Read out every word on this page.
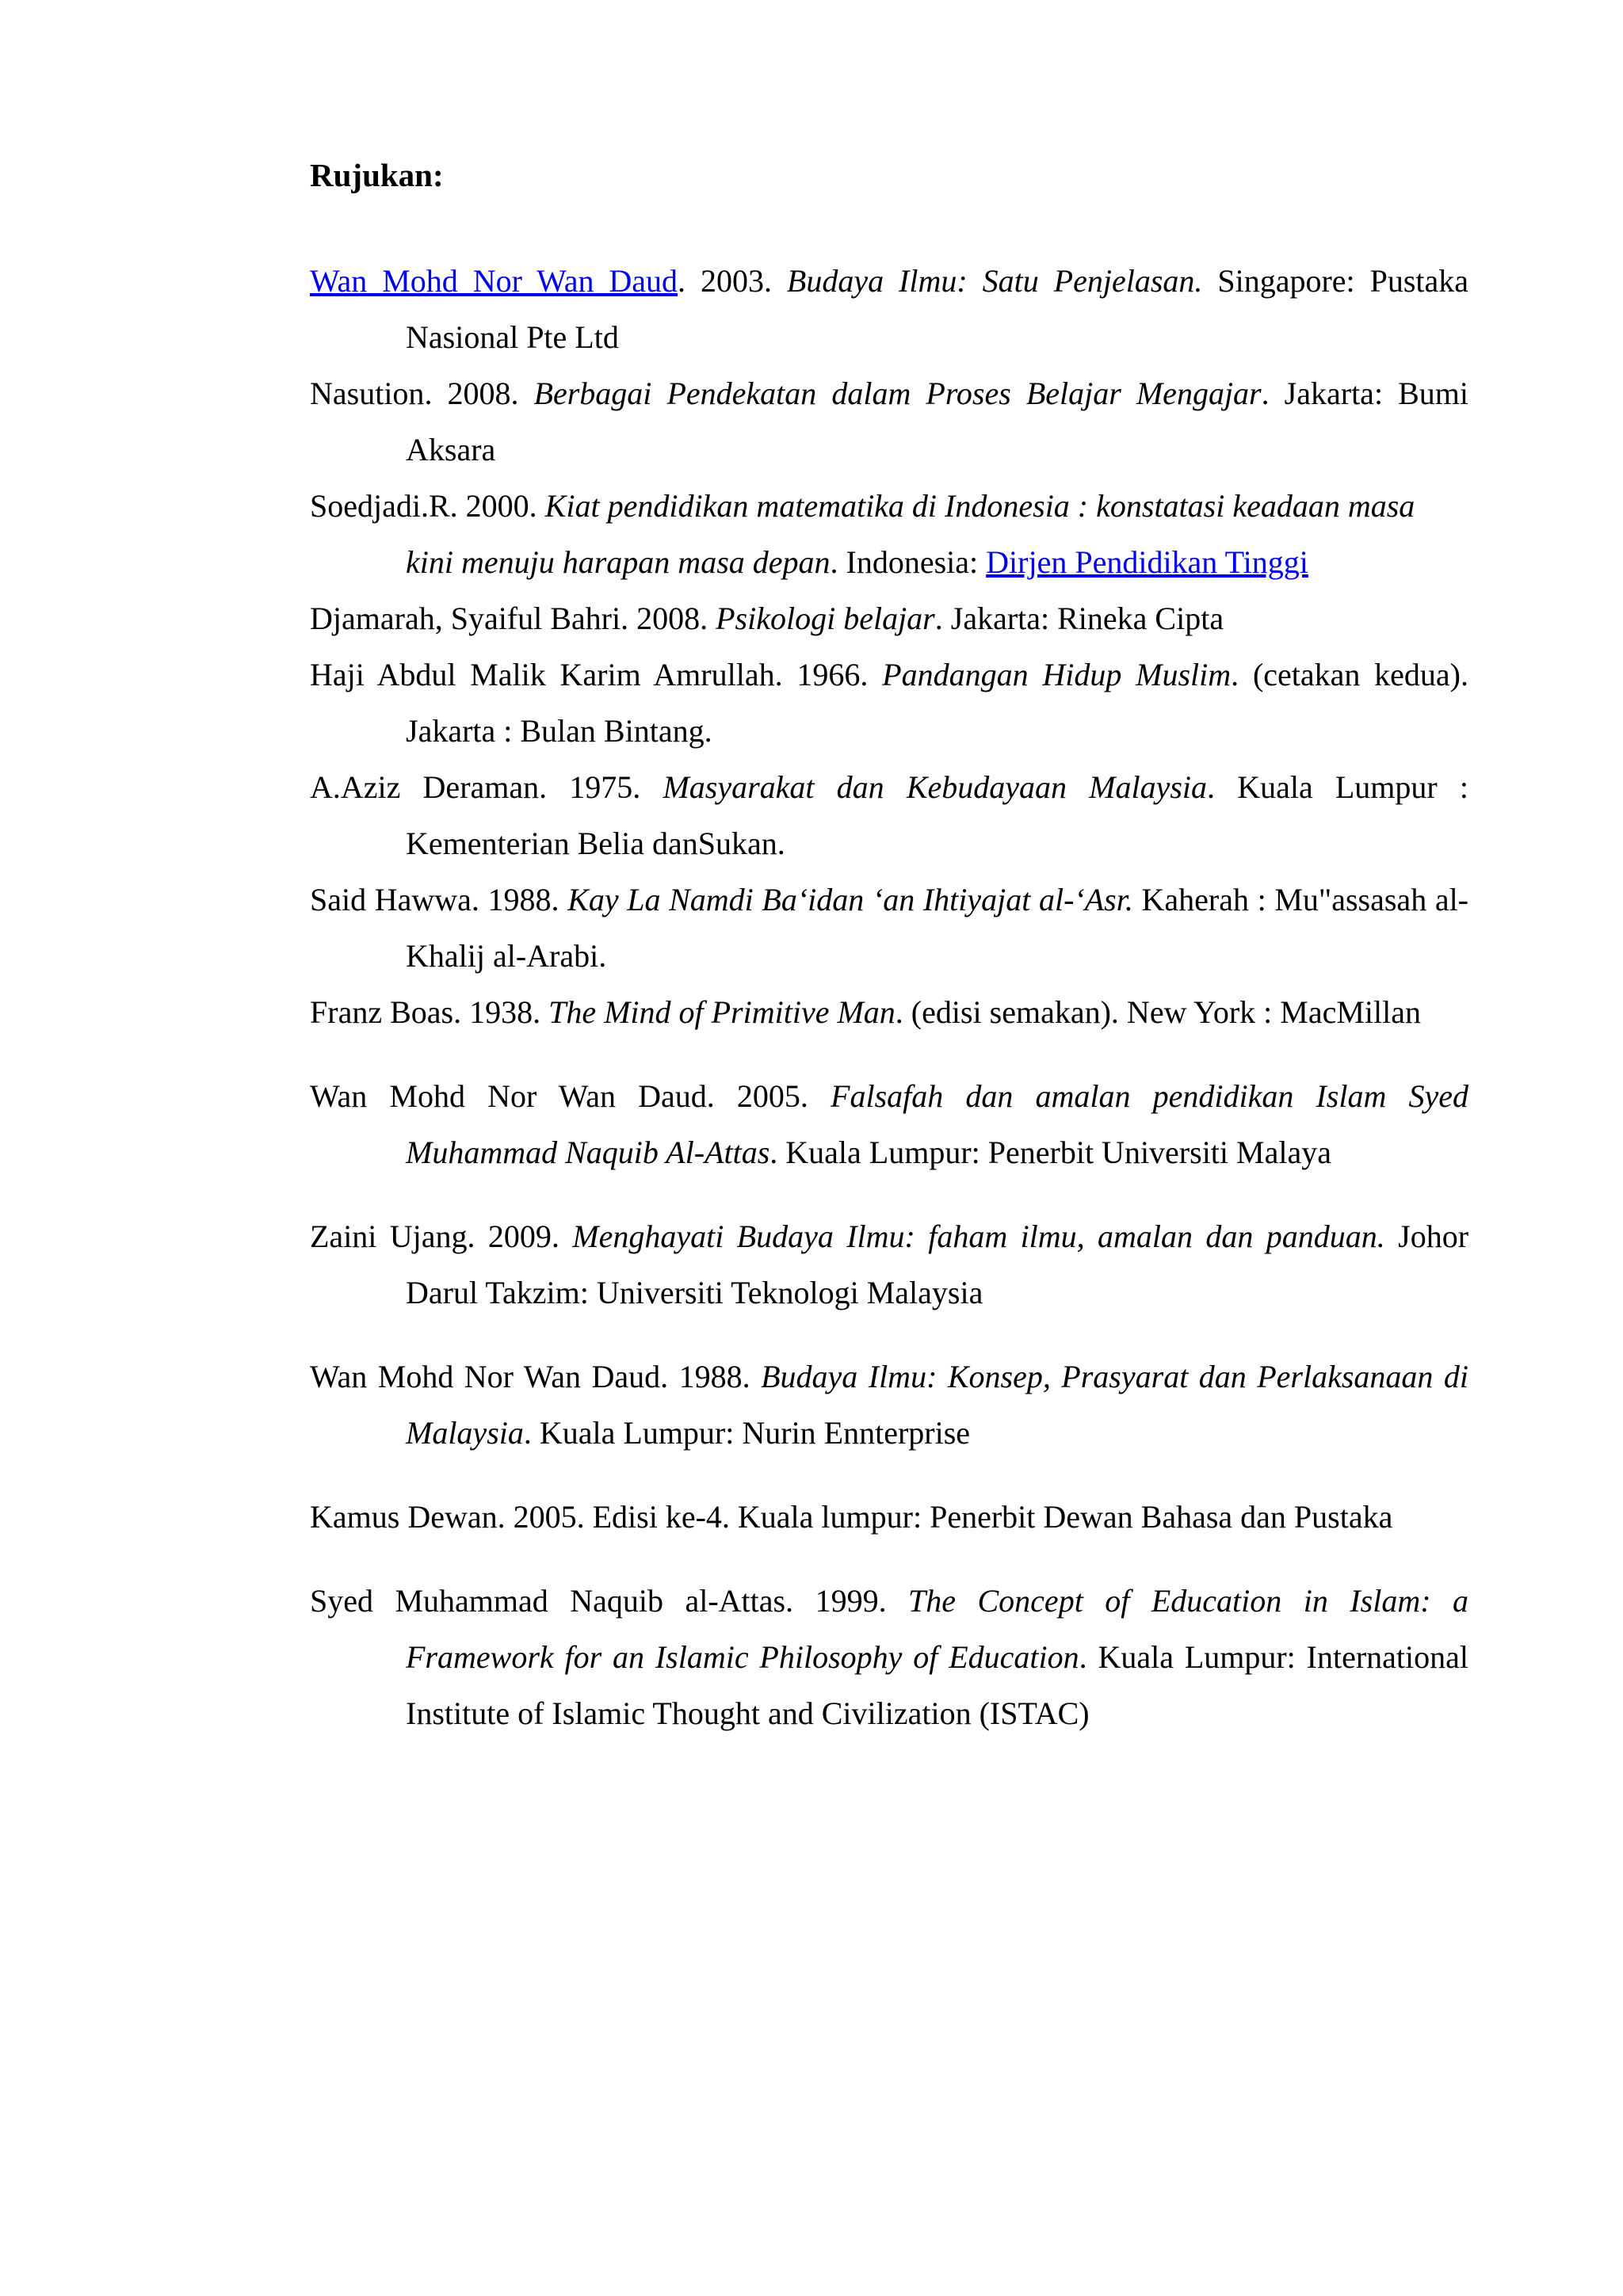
Rujukan:

Wan Mohd Nor Wan Daud. 2003. Budaya Ilmu: Satu Penjelasan. Singapore: Pustaka Nasional Pte Ltd
Nasution. 2008. Berbagai Pendekatan dalam Proses Belajar Mengajar. Jakarta: Bumi Aksara
Soedjadi.R. 2000. Kiat pendidikan matematika di Indonesia : konstatasi keadaan masa kini menuju harapan masa depan. Indonesia: Dirjen Pendidikan Tinggi
Djamarah, Syaiful Bahri. 2008. Psikologi belajar. Jakarta: Rineka Cipta
Haji Abdul Malik Karim Amrullah. 1966. Pandangan Hidup Muslim. (cetakan kedua). Jakarta : Bulan Bintang.
A.Aziz Deraman. 1975. Masyarakat dan Kebudayaan Malaysia. Kuala Lumpur : Kementerian Belia danSukan.
Said Hawwa. 1988. Kay La Namdi Ba‘idan ‘an Ihtiyajat al-‘Asr. Kaherah : Mu"assasah al-Khalij al-Arabi.
Franz Boas. 1938. The Mind of Primitive Man. (edisi semakan). New York : MacMillan
Wan Mohd Nor Wan Daud. 2005. Falsafah dan amalan pendidikan Islam Syed Muhammad Naquib Al-Attas. Kuala Lumpur: Penerbit Universiti Malaya
Zaini Ujang. 2009. Menghayati Budaya Ilmu: faham ilmu, amalan dan panduan. Johor Darul Takzim: Universiti Teknologi Malaysia
Wan Mohd Nor Wan Daud. 1988. Budaya Ilmu: Konsep, Prasyarat dan Perlaksanaan di Malaysia. Kuala Lumpur: Nurin Ennterprise
Kamus Dewan. 2005. Edisi ke-4. Kuala lumpur: Penerbit Dewan Bahasa dan Pustaka
Syed Muhammad Naquib al-Attas. 1999. The Concept of Education in Islam: a Framework for an Islamic Philosophy of Education. Kuala Lumpur: International Institute of Islamic Thought and Civilization (ISTAC)
